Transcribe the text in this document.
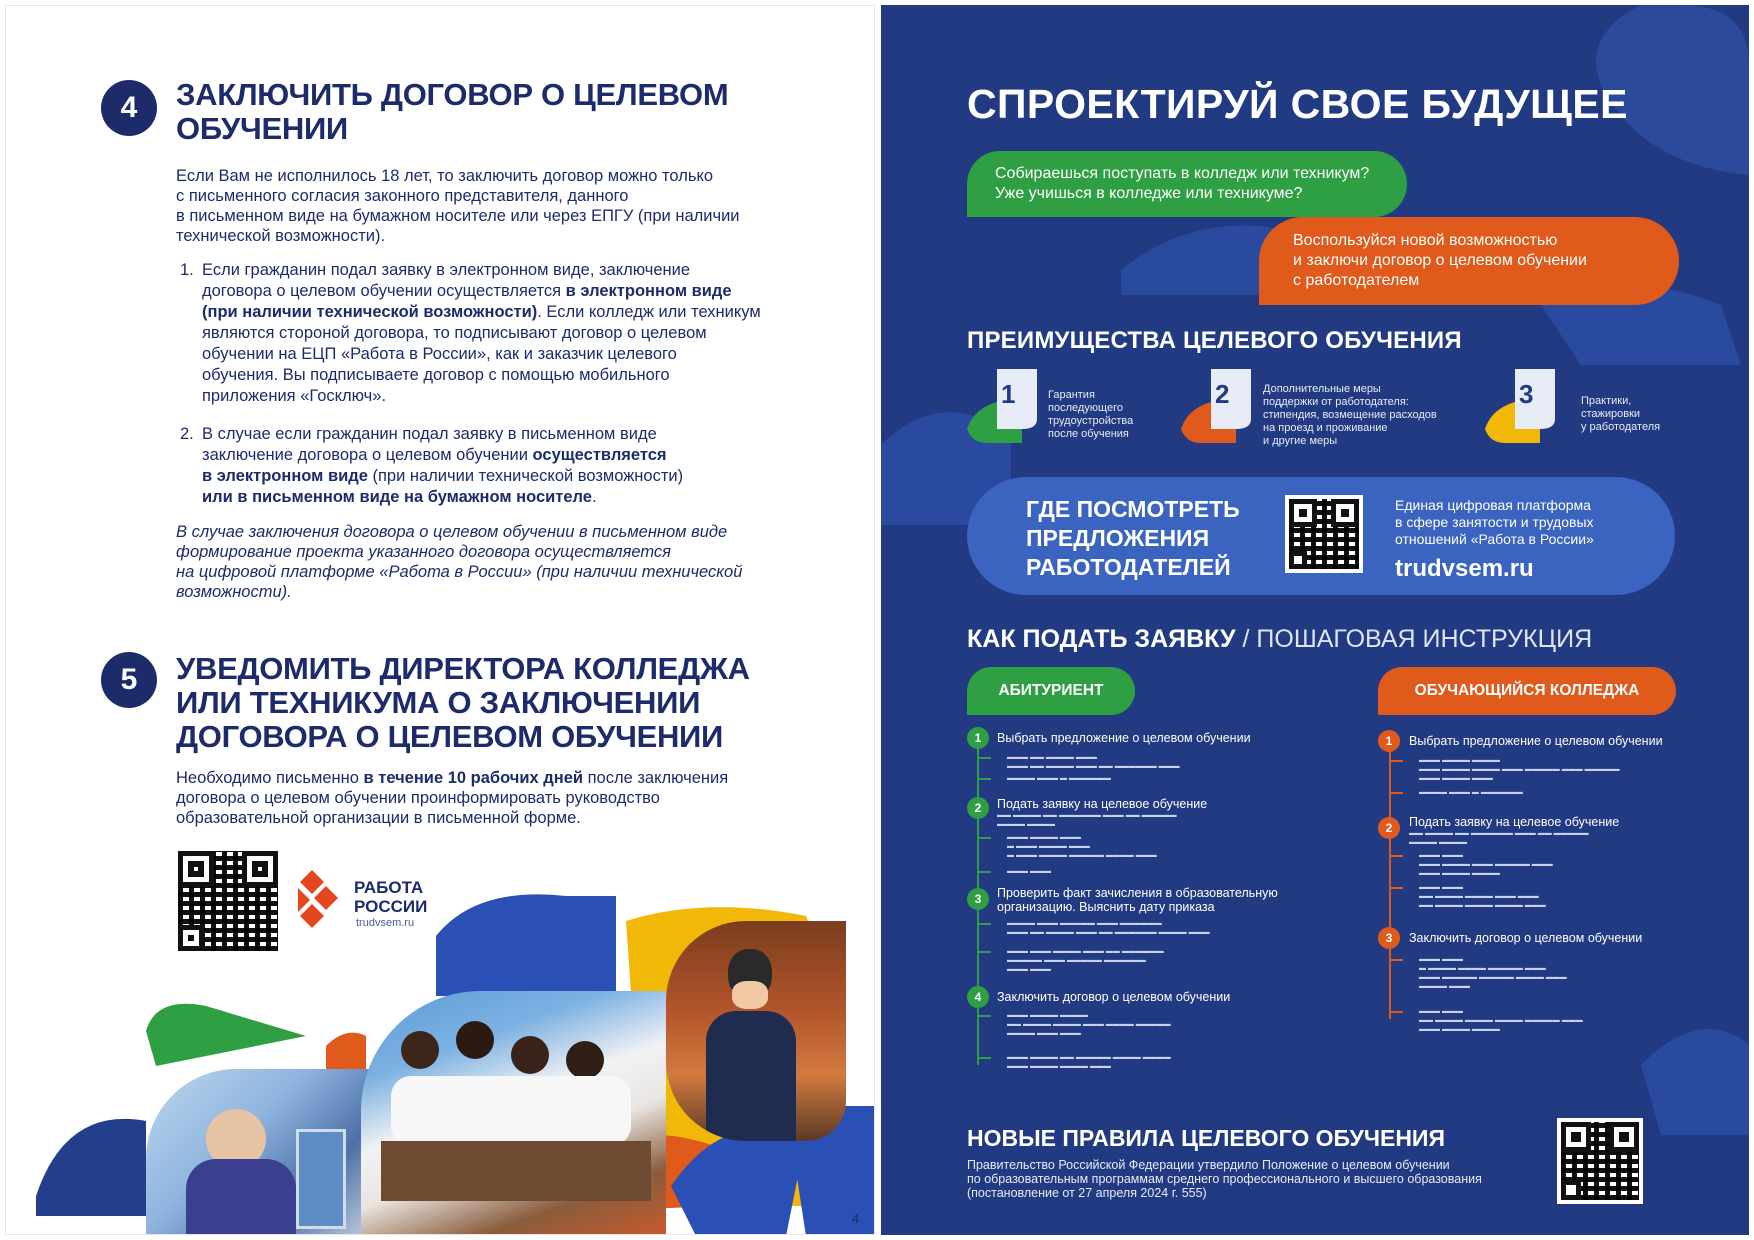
4 ЗАКЛЮЧИТЬ ДОГОВОР О ЦЕЛЕВОМ
ОБУЧЕНИИ
Если Вам не исполнилось 18 лет, то заключить договор можно только
с письменного согласия законного представителя, данного
в письменном виде на бумажном носителе или через ЕПГУ (при наличии
технической возможности).
1. Если гражданин подал заявку в электронном виде, заключение
договора о целевом обучении осуществляется в электронном виде
(при наличии технической возможности). Если колледж или техникум
являются стороной договора, то подписывают договор о целевом
обучении на ЕЦП «Работа в России», как и заказчик целевого
обучения. Вы подписываете договор с помощью мобильного
приложения «Госключ».
2. В случае если гражданин подал заявку в письменном виде
заключение договора о целевом обучении осуществляется
в электронном виде (при наличии технической возможности)
или в письменном виде на бумажном носителе.
В случае заключения договора о целевом обучении в письменном виде
формирование проекта указанного договора осуществляется
на цифровой платформе «Работа в России» (при наличии технической
возможности).
5 УВЕДОМИТЬ ДИРЕКТОРА КОЛЛЕДЖА
ИЛИ ТЕХНИКУМА О ЗАКЛЮЧЕНИИ
ДОГОВОРА О ЦЕЛЕВОМ ОБУЧЕНИИ
Необходимо письменно в течение 10 рабочих дней после заключения
договора о целевом обучении проинформировать руководство
образовательной организации в письменной форме.
РАБОТА
РОССИИ
trudvsem.ru
4
СПРОЕКТИРУЙ СВОЕ БУДУЩЕЕ
Собираешься поступать в колледж или техникум?
Уже учишься в колледже или техникуме?
Воспользуйся новой возможностью
и заключи договор о целевом обучении
с работодателем
ПРЕИМУЩЕСТВА ЦЕЛЕВОГО ОБУЧЕНИЯ
1	Гарантия
последующего
трудоустройства
после обучения
2	Дополнительные меры
поддержки от работодателя:
стипендия, возмещение расходов
на проезд и проживание
и другие меры
3	Практики,
стажировки
у работодателя
ГДЕ ПОСМОТРЕТЬ
ПРЕДЛОЖЕНИЯ
РАБОТОДАТЕЛЕЙ
Единая цифровая платформа
в сфере занятости и трудовых
отношений «Работа в России»
trudvsem.ru
КАК ПОДАТЬ ЗАЯВКУ / ПОШАГОВАЯ ИНСТРУКЦИЯ
АБИТУРИЕНТ	ОБУЧАЮЩИЙСЯ КОЛЛЕДЖА
1	Выбрать предложение о целевом обучении
▬▬▬ ▬▬ ▬▬▬▬ ▬▬▬
▬▬▬ ▬▬ ▬▬▬▬ ▬▬▬ ▬▬ ▬▬▬▬▬▬ ▬▬▬
▬▬▬▬ ▬▬▬ ▬ ▬▬▬▬▬▬
2	Подать заявку на целевое обучение
▬▬ ▬▬▬▬ ▬▬ ▬▬▬▬▬▬ ▬▬▬ ▬▬ ▬▬▬▬▬
▬▬▬▬ ▬▬▬▬
▬▬▬ ▬▬▬▬ ▬▬▬
▬ ▬▬▬ ▬▬▬▬ ▬▬▬
▬ ▬▬▬ ▬▬▬▬ ▬▬▬▬▬ ▬▬▬▬ ▬▬▬
▬▬▬ ▬▬▬
3	Проверить факт зачисления в образовательную
организацию. Выяснить дату приказа
▬▬▬▬ ▬▬▬ ▬▬▬▬▬ ▬▬▬ ▬▬▬▬▬▬
▬▬▬ ▬▬ ▬▬▬▬ ▬▬▬ ▬▬ ▬▬▬▬▬▬ ▬▬▬▬ ▬▬▬
▬▬▬ ▬▬▬ ▬▬▬▬ ▬▬▬ ▬▬ ▬▬▬▬▬▬
▬▬▬▬▬ ▬▬▬ ▬▬▬▬▬ ▬▬▬▬▬▬
▬▬▬ ▬▬▬
4	Заключить договор о целевом обучении
▬▬▬ ▬▬▬▬ ▬▬▬▬
▬▬ ▬▬▬▬ ▬▬▬▬ ▬▬▬ ▬▬▬▬ ▬▬▬▬▬
▬▬▬▬ ▬▬▬ ▬▬▬
▬▬▬ ▬▬▬▬ ▬▬ ▬▬▬▬▬ ▬▬▬▬ ▬▬▬▬
▬▬▬ ▬▬▬▬ ▬▬▬▬ ▬▬▬
1	Выбрать предложение о целевом обучении
▬▬▬ ▬▬▬▬ ▬▬▬▬
▬▬▬ ▬▬▬▬ ▬▬▬▬ ▬▬▬ ▬▬▬▬▬ ▬▬▬ ▬▬▬▬▬
▬▬▬ ▬▬▬▬ ▬▬▬
▬▬▬▬ ▬▬▬ ▬ ▬▬▬▬▬▬
2	Подать заявку на целевое обучение
▬▬ ▬▬▬▬ ▬▬ ▬▬▬▬▬▬ ▬▬▬ ▬▬ ▬▬▬▬▬
▬▬▬▬ ▬▬▬▬
▬▬▬ ▬▬▬
▬▬▬ ▬▬▬▬ ▬▬▬ ▬▬▬▬▬ ▬▬▬
▬▬▬ ▬▬▬▬ ▬▬▬▬
▬▬▬ ▬▬▬
▬▬ ▬▬▬▬ ▬▬▬▬ ▬▬▬ ▬▬▬
▬▬ ▬▬▬▬ ▬▬▬▬ ▬▬▬▬ ▬▬▬
3	Заключить договор о целевом обучении
▬▬▬ ▬▬▬
▬ ▬▬▬▬ ▬▬▬▬ ▬▬▬▬▬ ▬▬▬
▬▬▬ ▬▬▬▬▬ ▬▬▬▬▬ ▬▬▬▬ ▬▬▬
▬▬▬▬ ▬▬▬
▬▬▬ ▬▬▬
▬▬ ▬▬▬▬ ▬▬▬▬ ▬▬▬▬ ▬▬▬▬▬ ▬▬▬
▬▬▬ ▬▬▬▬ ▬▬▬▬
НОВЫЕ ПРАВИЛА ЦЕЛЕВОГО ОБУЧЕНИЯ
Правительство Российской Федерации утвердило Положение о целевом обучении
по образовательным программам среднего профессионального и высшего образования
(постановление от 27 апреля 2024 г. 555)
